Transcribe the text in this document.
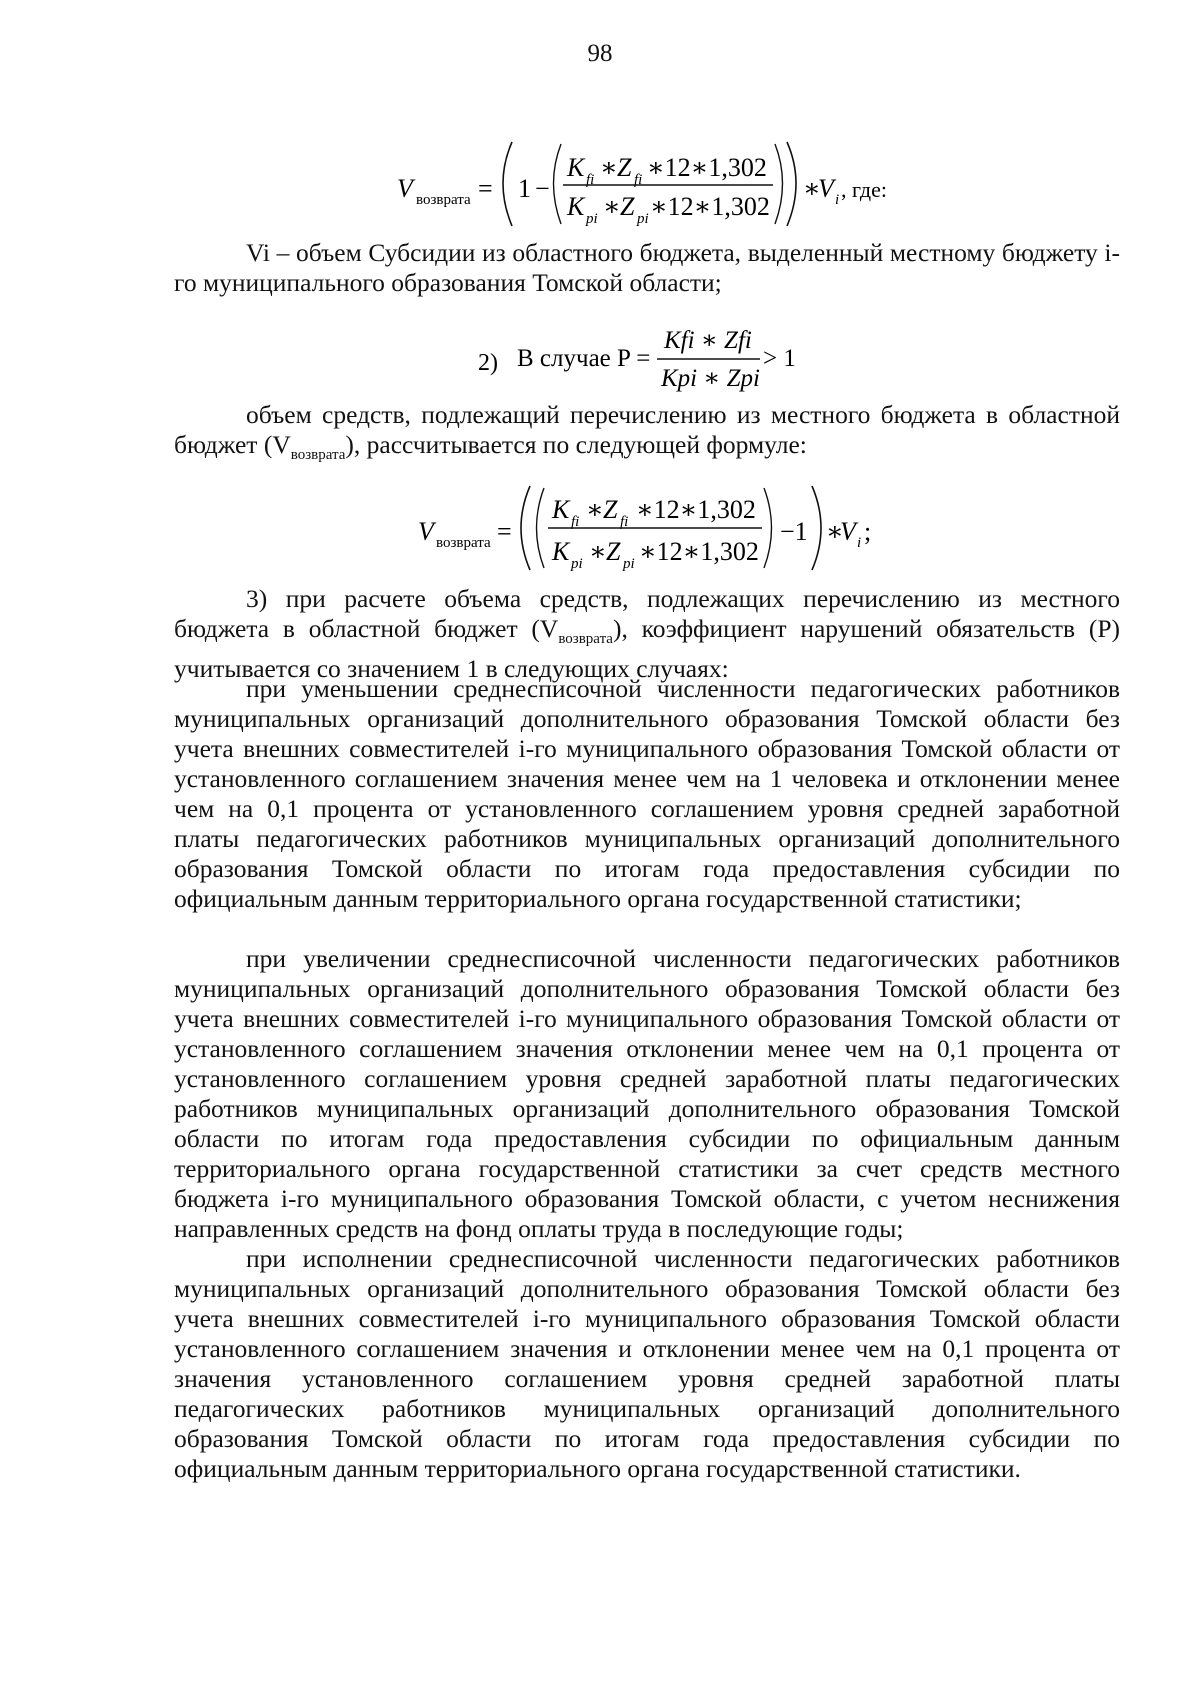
98
V возврата = 1 −
K fi ∗ Z fi ∗12∗1,302
K pi ∗ Z pi ∗12∗1,302
∗
V i , где:

Vi – объем Субсидии из областного бюджета, выделенный местному бюджету i-го муниципального образования Томской области;

2) В случае P =
Kfi ∗ Zfi
Kpi ∗ Zpi
> 1

объем средств, подлежащий перечислению из местного бюджета в областной бюджет $(V_{возврата})$, рассчитывается по следующей формуле:

V возврата =
K fi ∗ Z fi ∗12∗1,302
K pi ∗ Z pi ∗12∗1,302
−1 ∗
V i ;

3) при расчете объема средств, подлежащих перечислению из местного бюджета в областной бюджет $(V_{возврата})$, коэффициент нарушений обязательств (P) учитывается со значением 1 в следующих случаях:

при уменьшении среднесписочной численности педагогических работников муниципальных организаций дополнительного образования Томской области без учета внешних совместителей i-го муниципального образования Томской области от установленного соглашением значения менее чем на 1 человека и отклонении менее чем на 0,1 процента от установленного соглашением уровня средней заработной платы педагогических работников муниципальных организаций дополнительного образования Томской области по итогам года предоставления субсидии по официальным данным территориального органа государственной статистики;

при увеличении среднесписочной численности педагогических работников муниципальных организаций дополнительного образования Томской области без учета внешних совместителей i-го муниципального образования Томской области от установленного соглашением значения отклонении менее чем на 0,1 процента от установленного соглашением уровня средней заработной платы педагогических работников муниципальных организаций дополнительного образования Томской области по итогам года предоставления субсидии по официальным данным территориального органа государственной статистики за счет средств местного бюджета i-го муниципального образования Томской области, с учетом неснижения направленных средств на фонд оплаты труда в последующие годы;

при исполнении среднесписочной численности педагогических работников муниципальных организаций дополнительного образования Томской области без учета внешних совместителей i-го муниципального образования Томской области установленного соглашением значения и отклонении менее чем на 0,1 процента от значения установленного соглашением уровня средней заработной платы педагогических работников муниципальных организаций дополнительного образования Томской области по итогам года предоставления субсидии по официальным данным территориального органа государственной статистики.
